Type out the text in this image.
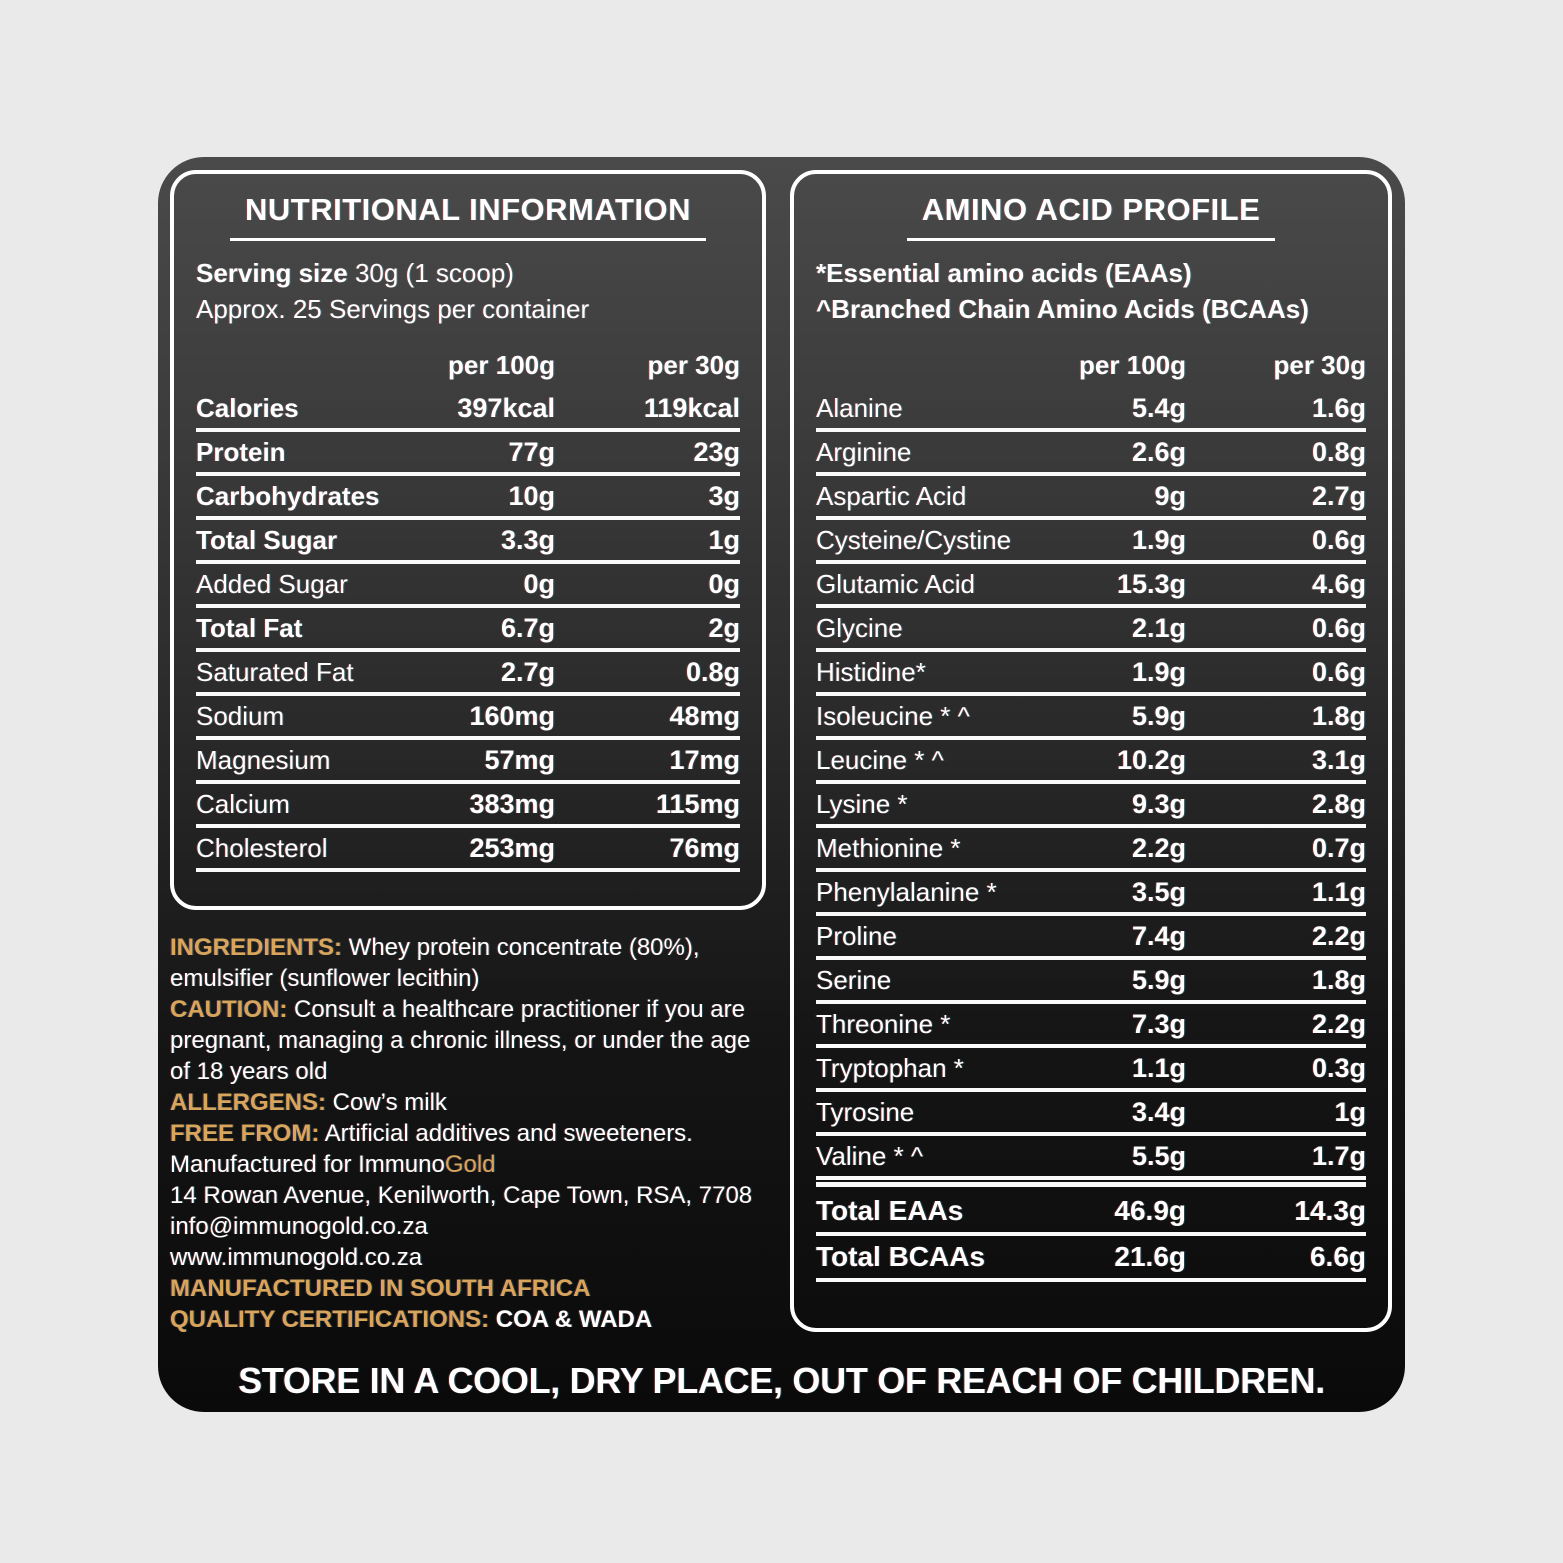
NUTRITIONAL INFORMATION
Serving size 30g (1 scoop)
Approx. 25 Servings per container
per 100g	per 30g
Calories	397kcal	119kcal
Protein	77g	23g
Carbohydrates	10g	3g
Total Sugar	3.3g	1g
Added Sugar	0g	0g
Total Fat	6.7g	2g
Saturated Fat	2.7g	0.8g
Sodium	160mg	48mg
Magnesium	57mg	17mg
Calcium	383mg	115mg
Cholesterol	253mg	76mg
AMINO ACID PROFILE
*Essential amino acids (EAAs)
^Branched Chain Amino Acids (BCAAs)
per 100g	per 30g
Alanine	5.4g	1.6g
Arginine	2.6g	0.8g
Aspartic Acid	9g	2.7g
Cysteine/Cystine	1.9g	0.6g
Glutamic Acid	15.3g	4.6g
Glycine	2.1g	0.6g
Histidine*	1.9g	0.6g
Isoleucine * ^	5.9g	1.8g
Leucine * ^	10.2g	3.1g
Lysine *	9.3g	2.8g
Methionine *	2.2g	0.7g
Phenylalanine *	3.5g	1.1g
Proline	7.4g	2.2g
Serine	5.9g	1.8g
Threonine *	7.3g	2.2g
Tryptophan *	1.1g	0.3g
Tyrosine	3.4g	1g
Valine * ^	5.5g	1.7g
Total EAAs	46.9g	14.3g
Total BCAAs	21.6g	6.6g

INGREDIENTS: Whey protein concentrate (80%), emulsifier (sunflower lecithin)

CAUTION: Consult a healthcare practitioner if you are pregnant, managing a chronic illness, or under the age of 18 years old

ALLERGENS: Cow’s milk

FREE FROM: Artificial additives and sweeteners.

Manufactured for ImmunoGold

14 Rowan Avenue, Kenilworth, Cape Town, RSA, 7708

info@immunogold.co.za

www.immunogold.co.za

MANUFACTURED IN SOUTH AFRICA

QUALITY CERTIFICATIONS: COA & WADA

STORE IN A COOL, DRY PLACE, OUT OF REACH OF CHILDREN.
